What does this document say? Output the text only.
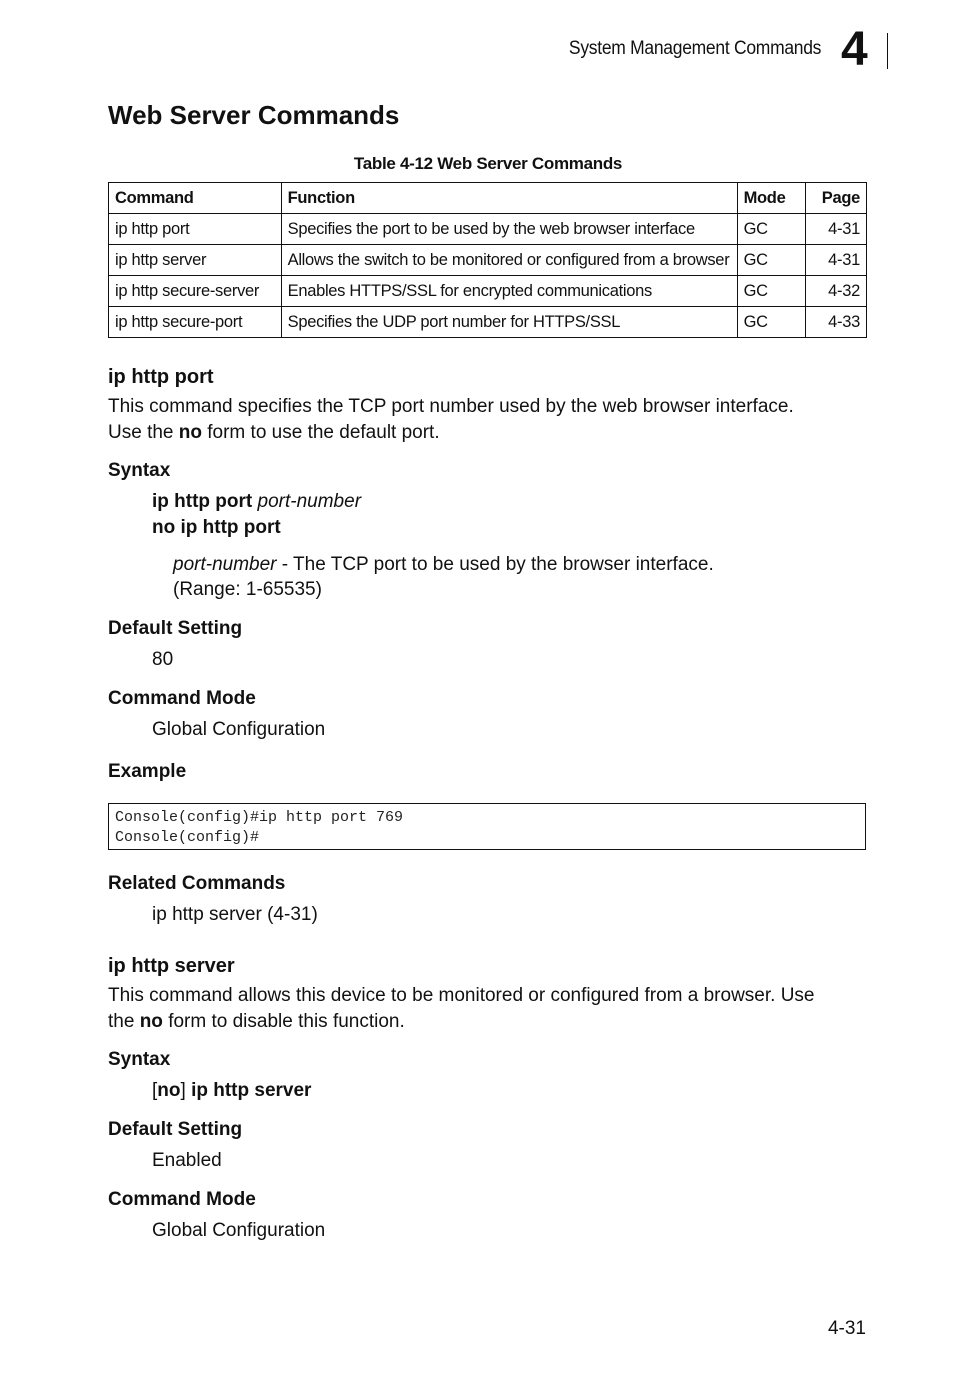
System Management Commands 4
Web Server Commands
Table 4-12 Web Server Commands
Command	Function	Mode	Page
ip http port	Specifies the port to be used by the web browser interface	GC	4-31
ip http server	Allows the switch to be monitored or configured from a browser	GC	4-31
ip http secure-server	Enables HTTPS/SSL for encrypted communications	GC	4-32
ip http secure-port	Specifies the UDP port number for HTTPS/SSL	GC	4-33
ip http port
This command specifies the TCP port number used by the web browser interface.
Use the no form to use the default port.
Syntax
ip http port port-number
no ip http port
port-number - The TCP port to be used by the browser interface.
(Range: 1-65535)
Default Setting
80
Command Mode
Global Configuration
Example
Console(config)#ip http port 769
Console(config)#
Related Commands
ip http server (4-31)
ip http server
This command allows this device to be monitored or configured from a browser. Use
the no form to disable this function.
Syntax
[no] ip http server
Default Setting
Enabled
Command Mode
Global Configuration
4-31
